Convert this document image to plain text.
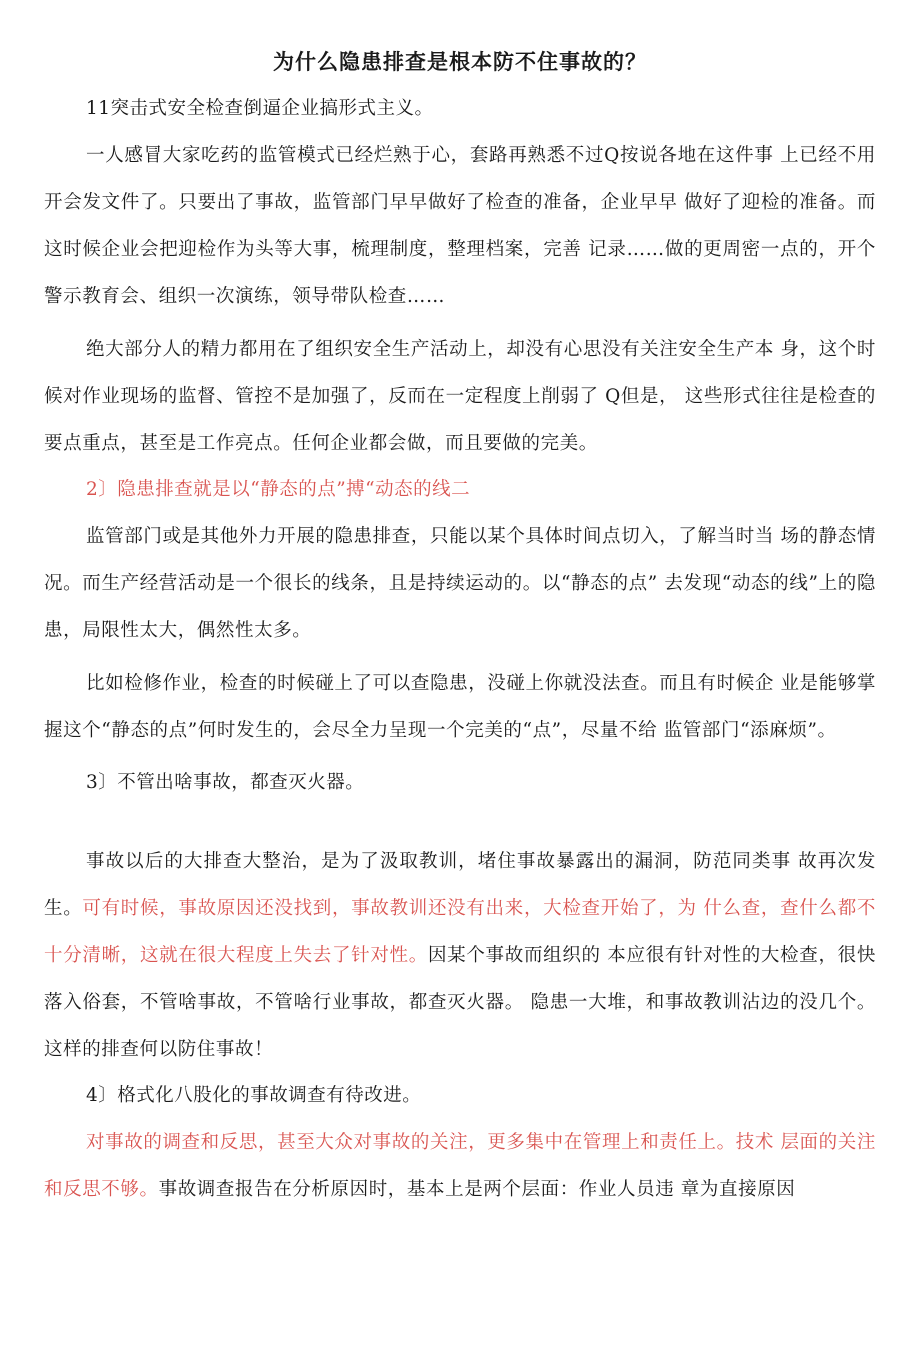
为什么隐患排查是根本防不住事故的？

11突击式安全检查倒逼企业搞形式主义。

一人感冒大家吃药的监管模式已经烂熟于心，套路再熟悉不过Q按说各地在这件事 上已经不用开会发文件了。只要出了事故，监管部门早早做好了检查的准备，企业早早 做好了迎检的准备。而这时候企业会把迎检作为头等大事，梳理制度，整理档案，完善 记录……做的更周密一点的，开个警示教育会、组织一次演练，领导带队检查……

绝大部分人的精力都用在了组织安全生产活动上，却没有心思没有关注安全生产本 身，这个时候对作业现场的监督、管控不是加强了，反而在一定程度上削弱了 Q但是， 这些形式往往是检查的要点重点，甚至是工作亮点。任何企业都会做，而且要做的完美。

2〕隐患排查就是以“静态的点”搏“动态的线二

监管部门或是其他外力开展的隐患排查，只能以某个具体时间点切入，了解当时当 场的静态情况。而生产经营活动是一个很长的线条，且是持续运动的。以“静态的点” 去发现“动态的线”上的隐患，局限性太大，偶然性太多。

比如检修作业，检查的时候碰上了可以查隐患，没碰上你就没法查。而且有时候企 业是能够掌握这个“静态的点”何时发生的，会尽全力呈现一个完美的“点”，尽量不给 监管部门“添麻烦”。

3〕不管出啥事故，都查灭火器。

事故以后的大排查大整治，是为了汲取教训，堵住事故暴露出的漏洞，防范同类事 故再次发生。可有时候，事故原因还没找到，事故教训还没有出来，大检查开始了，为 什么查，查什么都不十分清晰，这就在很大程度上失去了针对性。因某个事故而组织的 本应很有针对性的大检查，很快落入俗套，不管啥事故，不管啥行业事故，都查灭火器。 隐患一大堆，和事故教训沾边的没几个。这样的排查何以防住事故！

4〕格式化八股化的事故调查有待改进。

对事故的调查和反思，甚至大众对事故的关注，更多集中在管理上和责任上。技术 层面的关注和反思不够。事故调查报告在分析原因时，基本上是两个层面：作业人员违 章为直接原因
